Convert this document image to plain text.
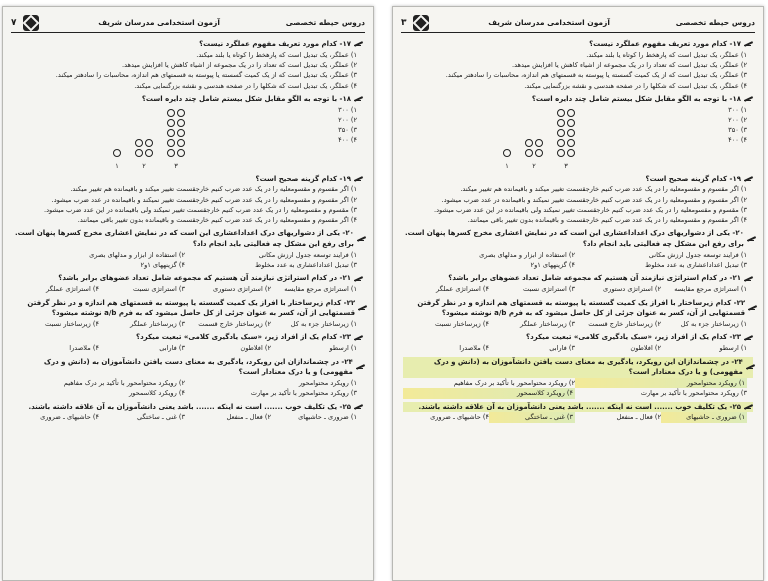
دروس حیطه تخصصی
آزمون استخدامی مدرسان شریف
۷
۱۷- کدام مورد تعریف مفهوم عملگرد نیست؟
۱) عملگر، یک تبدیل است که پارهخط را کوتاه یا بلند میکند.
۲) عملگر، یک تبدیل است که تعداد را در یک مجموعه از اشیاء کاهش یا افزایش میدهد.
۳) عملگر، یک تبدیل است که از یک کمیت گسسته یا پیوسته به قسمتهای هم اندازه، محاسبات را سادهتر میکند.
۴) عملگر، یک تبدیل است که شکلها را در صفحه هندسی و نقشه بزرگنمایی میکند.
۱۸- با توجه به الگو مقابل شکل بیستم شامل چند دایره است؟
۱) ۳۰۰
۲) ۲۰۰
۳) ۳۵۰
۴) ۴۰۰
۳
۲
۱
۱۹- کدام گزینه صحیح است؟
۱) اگر مقسوم و مقسومعلیه را در یک عدد ضرب کنیم خارجقسمت تغییر میکند و باقیمانده هم تغییر میکند.
۲) اگر مقسوم و مقسومعلیه را در یک عدد ضرب کنیم خارجقسمت تغییر نمیکند و باقیمانده در عدد ضرب میشود.
۳) مقسوم و مقسومعلیه را در یک عدد ضرب کنیم خارجقسمت تغییر نمیکند ولی باقیمانده در این عدد ضرب میشود.
۴) اگر مقسوم و مقسومعلیه را در یک عدد ضرب کنیم خارجقسمت و باقیمانده بدون تغییر باقی میمانند.
۲۰- یکی از دشواریهای درک اعداداعشاری این است که در نمایش اعشاری مخرج کسرها پنهان است. برای رفع این مشکل چه فعالیتی باید انجام داد؟
۱) فرایند توسعه جدول ارزش مکانی
۲) استفاده از ابزار و مدلهای بصری
۳) تبدیل اعداداعشاری به عدد مخلوط
۴) گزینههای ۱و۲
۲۱- در کدام استراتژی نیازمند آن هستیم که مجموعه شامل تعداد عضوهای برابر باشد؟
۱) استراتژی مرجع مقایسه
۲) استراتژی دستوری
۳) استراتژی نسبت
۴) استراتژی عملگر
۲۲- کدام زیرساختار با افراز یک کمیت گسسته یا پیوسته به قسمتهای هم اندازه و در نظر گرفتن قسمتهایی از آن، کسر به عنوان جزئی از کل حاصل میشود که به فرم a/b نوشته میشود؟
۱) زیرساختار جزء به کل
۲) زیرساختار خارج قسمت
۳) زیرساختار عملگر
۴) زیرساختار نسبت
۲۳- کدام یک از افراد زیر، «سبک یادگیری کلامی» تبعیت میکرد؟
۱) ارسطو
۲) افلاطون
۳) فارابی
۴) ملاصدرا
۲۴- در چشماندازان این رویکرد، یادگیری به معنای دست یافتن دانشآموزان به (دانش و درک مفهومی) و یا درک معنادار است؟
۱) رویکرد محتوامحور
۲) رویکرد محتوامحور با تأکید بر درک مفاهیم
۳) رویکرد محتوامحور با تأکید بر مهارت
۴) رویکرد کلاسمحور
۲۵- یک تکلیف خوب ....... است نه اینکه ....... باشد یعنی دانشآموزان به آن علاقه داشته باشند.
۱) ضروری ـ حاشیهای
۲) فعال ـ منفعل
۳) غنی ـ ساختگی
۴) حاشیهای ـ ضروری
دروس حیطه تخصصی
آزمون استخدامی مدرسان شریف
۳
۱۷- کدام مورد تعریف مفهوم عملگرد نیست؟
۱) عملگر، یک تبدیل است که پارهخط را کوتاه یا بلند میکند.
۲) عملگر، یک تبدیل است که تعداد را در یک مجموعه از اشیاء کاهش یا افزایش میدهد.
۳) عملگر، یک تبدیل است که از یک کمیت گسسته یا پیوسته به قسمتهای هم اندازه، محاسبات را سادهتر میکند.
۴) عملگر، یک تبدیل است که شکلها را در صفحه هندسی و نقشه بزرگنمایی میکند.
۱۸- با توجه به الگو مقابل شکل بیستم شامل چند دایره است؟
۱) ۳۰۰
۲) ۲۰۰
۳) ۳۵۰
۴) ۴۰۰
۳
۲
۱
۱۹- کدام گزینه صحیح است؟
۱) اگر مقسوم و مقسومعلیه را در یک عدد ضرب کنیم خارجقسمت تغییر میکند و باقیمانده هم تغییر میکند.
۲) اگر مقسوم و مقسومعلیه را در یک عدد ضرب کنیم خارجقسمت تغییر نمیکند و باقیمانده در عدد ضرب میشود.
۳) مقسوم و مقسومعلیه را در یک عدد ضرب کنیم خارجقسمت تغییر نمیکند ولی باقیمانده در این عدد ضرب میشود.
۴) اگر مقسوم و مقسومعلیه را در یک عدد ضرب کنیم خارجقسمت و باقیمانده بدون تغییر باقی میمانند.
۲۰- یکی از دشواریهای درک اعداداعشاری این است که در نمایش اعشاری مخرج کسرها پنهان است. برای رفع این مشکل چه فعالیتی باید انجام داد؟
۱) فرایند توسعه جدول ارزش مکانی
۲) استفاده از ابزار و مدلهای بصری
۳) تبدیل اعداداعشاری به عدد مخلوط
۴) گزینههای ۱و۲
۲۱- در کدام استراتژی نیازمند آن هستیم که مجموعه شامل تعداد عضوهای برابر باشد؟
۱) استراتژی مرجع مقایسه
۲) استراتژی دستوری
۳) استراتژی نسبت
۴) استراتژی عملگر
۲۲- کدام زیرساختار با افراز یک کمیت گسسته یا پیوسته به قسمتهای هم اندازه و در نظر گرفتن قسمتهایی از آن، کسر به عنوان جزئی از کل حاصل میشود که به فرم a/b نوشته میشود؟
۱) زیرساختار جزء به کل
۲) زیرساختار خارج قسمت
۳) زیرساختار عملگر
۴) زیرساختار نسبت
۲۳- کدام یک از افراد زیر، «سبک یادگیری کلامی» تبعیت میکرد؟
۱) ارسطو
۲) افلاطون
۳) فارابی
۴) ملاصدرا
۲۴- در چشماندازان این رویکرد، یادگیری به معنای دست یافتن دانشآموزان به (دانش و درک مفهومی) و یا درک معنادار است؟
۱) رویکرد محتوامحور
۲) رویکرد محتوامحور با تأکید بر درک مفاهیم
۳) رویکرد محتوامحور با تأکید بر مهارت
۴) رویکرد کلاسمحور
۲۵- یک تکلیف خوب ....... است نه اینکه ....... باشد یعنی دانشآموزان به آن علاقه داشته باشند.
۱) ضروری ـ حاشیهای
۲) فعال ـ منفعل
۳) غنی ـ ساختگی
۴) حاشیهای ـ ضروری
